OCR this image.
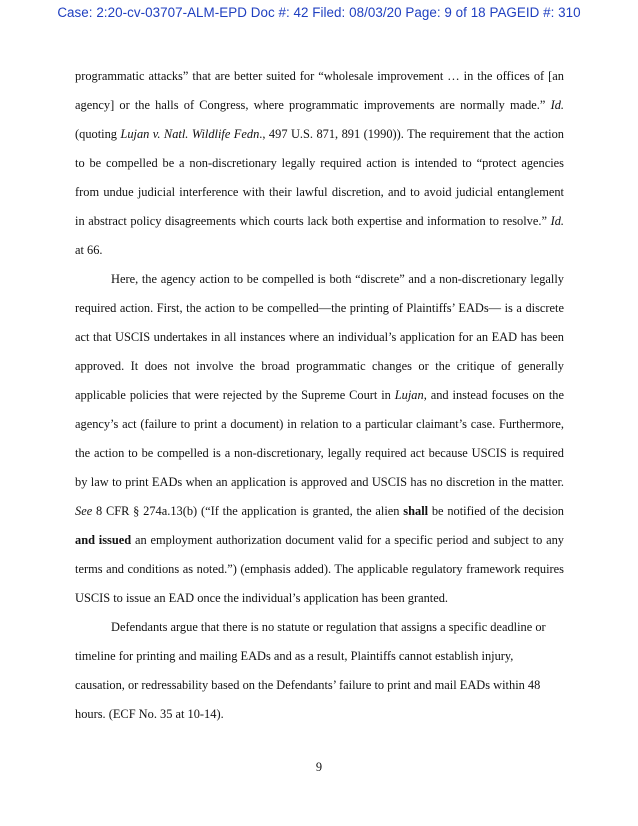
Case: 2:20-cv-03707-ALM-EPD Doc #: 42 Filed: 08/03/20 Page: 9 of 18 PAGEID #: 310
programmatic attacks” that are better suited for “wholesale improvement … in the offices of [an
agency] or the halls of Congress, where programmatic improvements are normally made.” Id.
(quoting Lujan v. Natl. Wildlife Fedn., 497 U.S. 871, 891 (1990)). The requirement that the action
to be compelled be a non-discretionary legally required action is intended to “protect agencies
from undue judicial interference with their lawful discretion, and to avoid judicial entanglement
in abstract policy disagreements which courts lack both expertise and information to resolve.” Id.
at 66.
Here, the agency action to be compelled is both “discrete” and a non-discretionary legally
required action. First, the action to be compelled—the printing of Plaintiffs’ EADs— is a discrete
act that USCIS undertakes in all instances where an individual’s application for an EAD has been
approved. It does not involve the broad programmatic changes or the critique of generally
applicable policies that were rejected by the Supreme Court in Lujan, and instead focuses on the
agency’s act (failure to print a document) in relation to a particular claimant’s case. Furthermore,
the action to be compelled is a non-discretionary, legally required act because USCIS is required
by law to print EADs when an application is approved and USCIS has no discretion in the matter.
See 8 CFR § 274a.13(b) (“If the application is granted, the alien shall be notified of the decision
and issued an employment authorization document valid for a specific period and subject to any
terms and conditions as noted.”) (emphasis added). The applicable regulatory framework requires
USCIS to issue an EAD once the individual’s application has been granted.
Defendants argue that there is no statute or regulation that assigns a specific deadline or
timeline for printing and mailing EADs and as a result, Plaintiffs cannot establish injury,
causation, or redressability based on the Defendants’ failure to print and mail EADs within 48
hours. (ECF No. 35 at 10-14).
9
